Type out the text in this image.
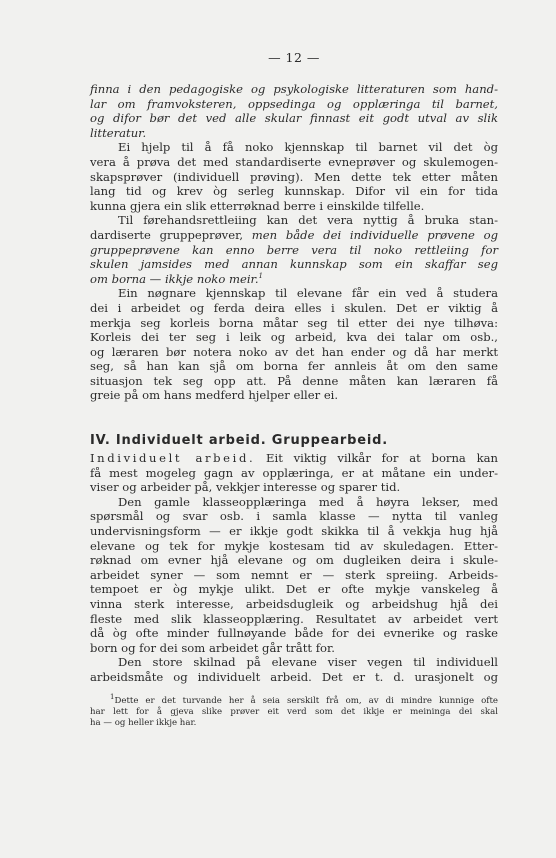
— 12 —
finna i den pedagogiske og psykologiske litteraturen som hand-
lar om framvoksteren, oppsedinga og opplæringa til barnet,
og difor bør det ved alle skular finnast eit godt utval av slik
litteratur.
Ei hjelp til å få noko kjennskap til barnet vil det òg
vera å prøva det med standardiserte evneprøver og skulemogen-
skapsprøver (individuell prøving). Men dette tek etter måten
lang tid og krev òg serleg kunnskap. Difor vil ein for tida
kunna gjera ein slik etterrøknad berre i einskilde tilfelle.
Til førehandsrettleiing kan det vera nyttig å bruka stan-
dardiserte gruppeprøver, men både dei individuelle prøvene og
gruppeprøvene kan enno berre vera til noko rettleiing for
skulen jamsides med annan kunnskap som ein skaffar seg
om borna — ikkje noko meir.$^1$
Ein nøgnare kjennskap til elevane får ein ved å studera
dei i arbeidet og ferda deira elles i skulen. Det er viktig å
merkja seg korleis borna måtar seg til etter dei nye tilhøva:
Korleis dei ter seg i leik og arbeid, kva dei talar om osb.,
og læraren bør notera noko av det han ender og då har merkt
seg, så han kan sjå om borna fer annleis åt om den same
situasjon tek seg opp att. På denne måten kan læraren få
greie på om hans medferd hjelper eller ei.
IV. Individuelt arbeid. Gruppearbeid.
Individuelt arbeid. Eit viktig vilkår for at borna kan
få mest mogeleg gagn av opplæringa, er at måtane ein under-
viser og arbeider på, vekkjer interesse og sparer tid.
Den gamle klasseopplæringa med å høyra lekser, med
spørsmål og svar osb. i samla klasse — nytta til vanleg
undervisningsform — er ikkje godt skikka til å vekkja hug hjå
elevane og tek for mykje kostesam tid av skuledagen. Etter-
røknad om evner hjå elevane og om dugleiken deira i skule-
arbeidet syner — som nemnt er — sterk spreiing. Arbeids-
tempoet er òg mykje ulikt. Det er ofte mykje vanskeleg å
vinna sterk interesse, arbeidsdugleik og arbeidshug hjå dei
fleste med slik klasseopplæring. Resultatet av arbeidet vert
då òg ofte minder fullnøyande både for dei evnerike og raske
born og for dei som arbeidet går trått for.
Den store skilnad på elevane viser vegen til individuell
arbeidsmåte og individuelt arbeid. Det er t. d. urasjonelt og
$^1$Dette er det turvande her å seia serskilt frå om, av di mindre kunnige ofte
har lett for å gjeva slike prøver eit verd som det ikkje er meininga dei skal
ha — og heller ikkje har.
